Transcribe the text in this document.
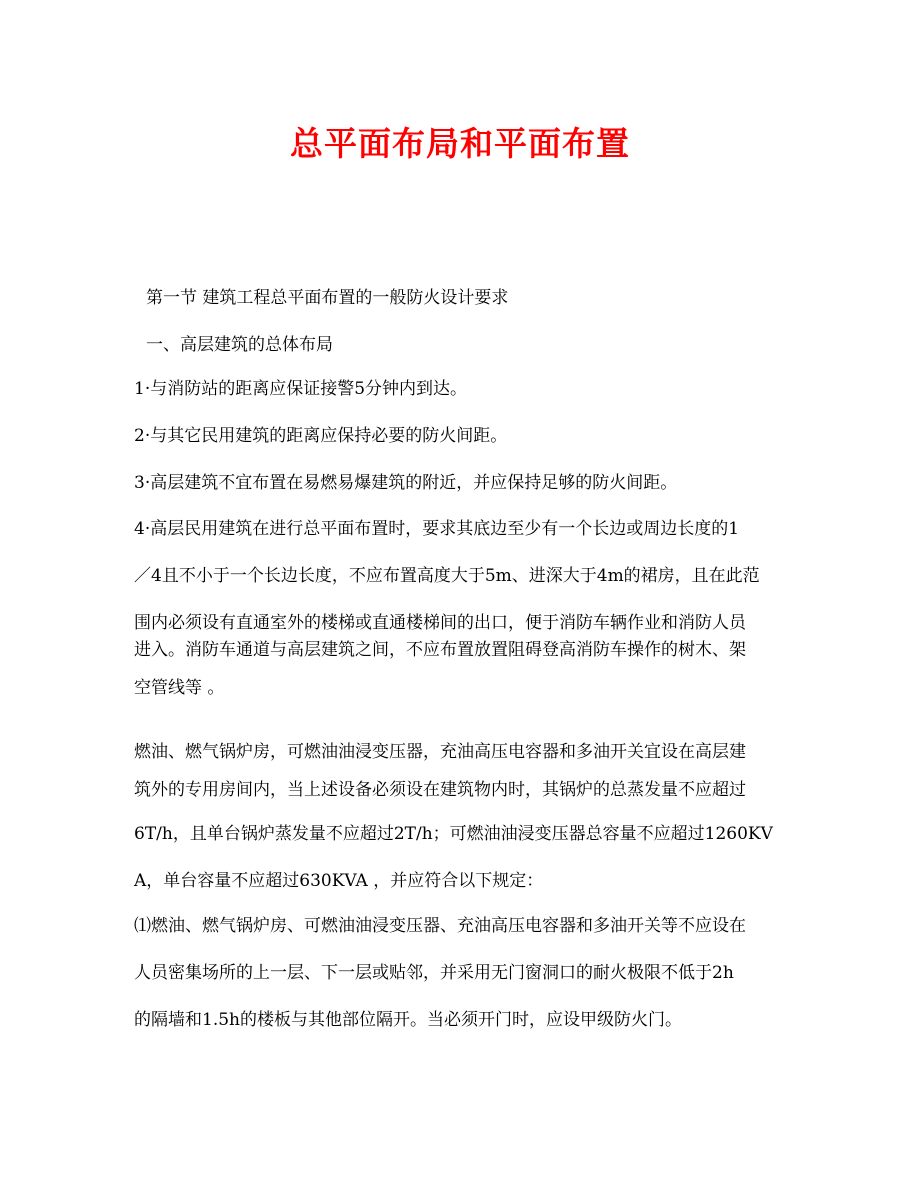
总平面布局和平面布置

第一节 建筑工程总平面布置的一般防火设计要求

一、高层建筑的总体布局

1·与消防站的距离应保证接警5分钟内到达。

2·与其它民用建筑的距离应保持必要的防火间距。

3·高层建筑不宜布置在易燃易爆建筑的附近，并应保持足够的防火间距。

4·高层民用建筑在进行总平面布置时，要求其底边至少有一个长边或周边长度的1

／4且不小于一个长边长度，不应布置高度大于5m、进深大于4m的裙房，且在此范

围内必须设有直通室外的楼梯或直通楼梯间的出口，便于消防车辆作业和消防人员

进入。消防车通道与高层建筑之间，不应布置放置阻碍登高消防车操作的树木、架

空管线等 。

燃油、燃气锅炉房，可燃油油浸变压器，充油高压电容器和多油开关宜设在高层建

筑外的专用房间内，当上述设备必须设在建筑物内时，其锅炉的总蒸发量不应超过

6T/h，且单台锅炉蒸发量不应超过2T/h；可燃油油浸变压器总容量不应超过1260KV

A，单台容量不应超过630KVA ，并应符合以下规定：

⑴燃油、燃气锅炉房、可燃油油浸变压器、充油高压电容器和多油开关等不应设在

人员密集场所的上一层、下一层或贴邻，并采用无门窗洞口的耐火极限不低于2h

的隔墙和1.5h的楼板与其他部位隔开。当必须开门时，应设甲级防火门。
